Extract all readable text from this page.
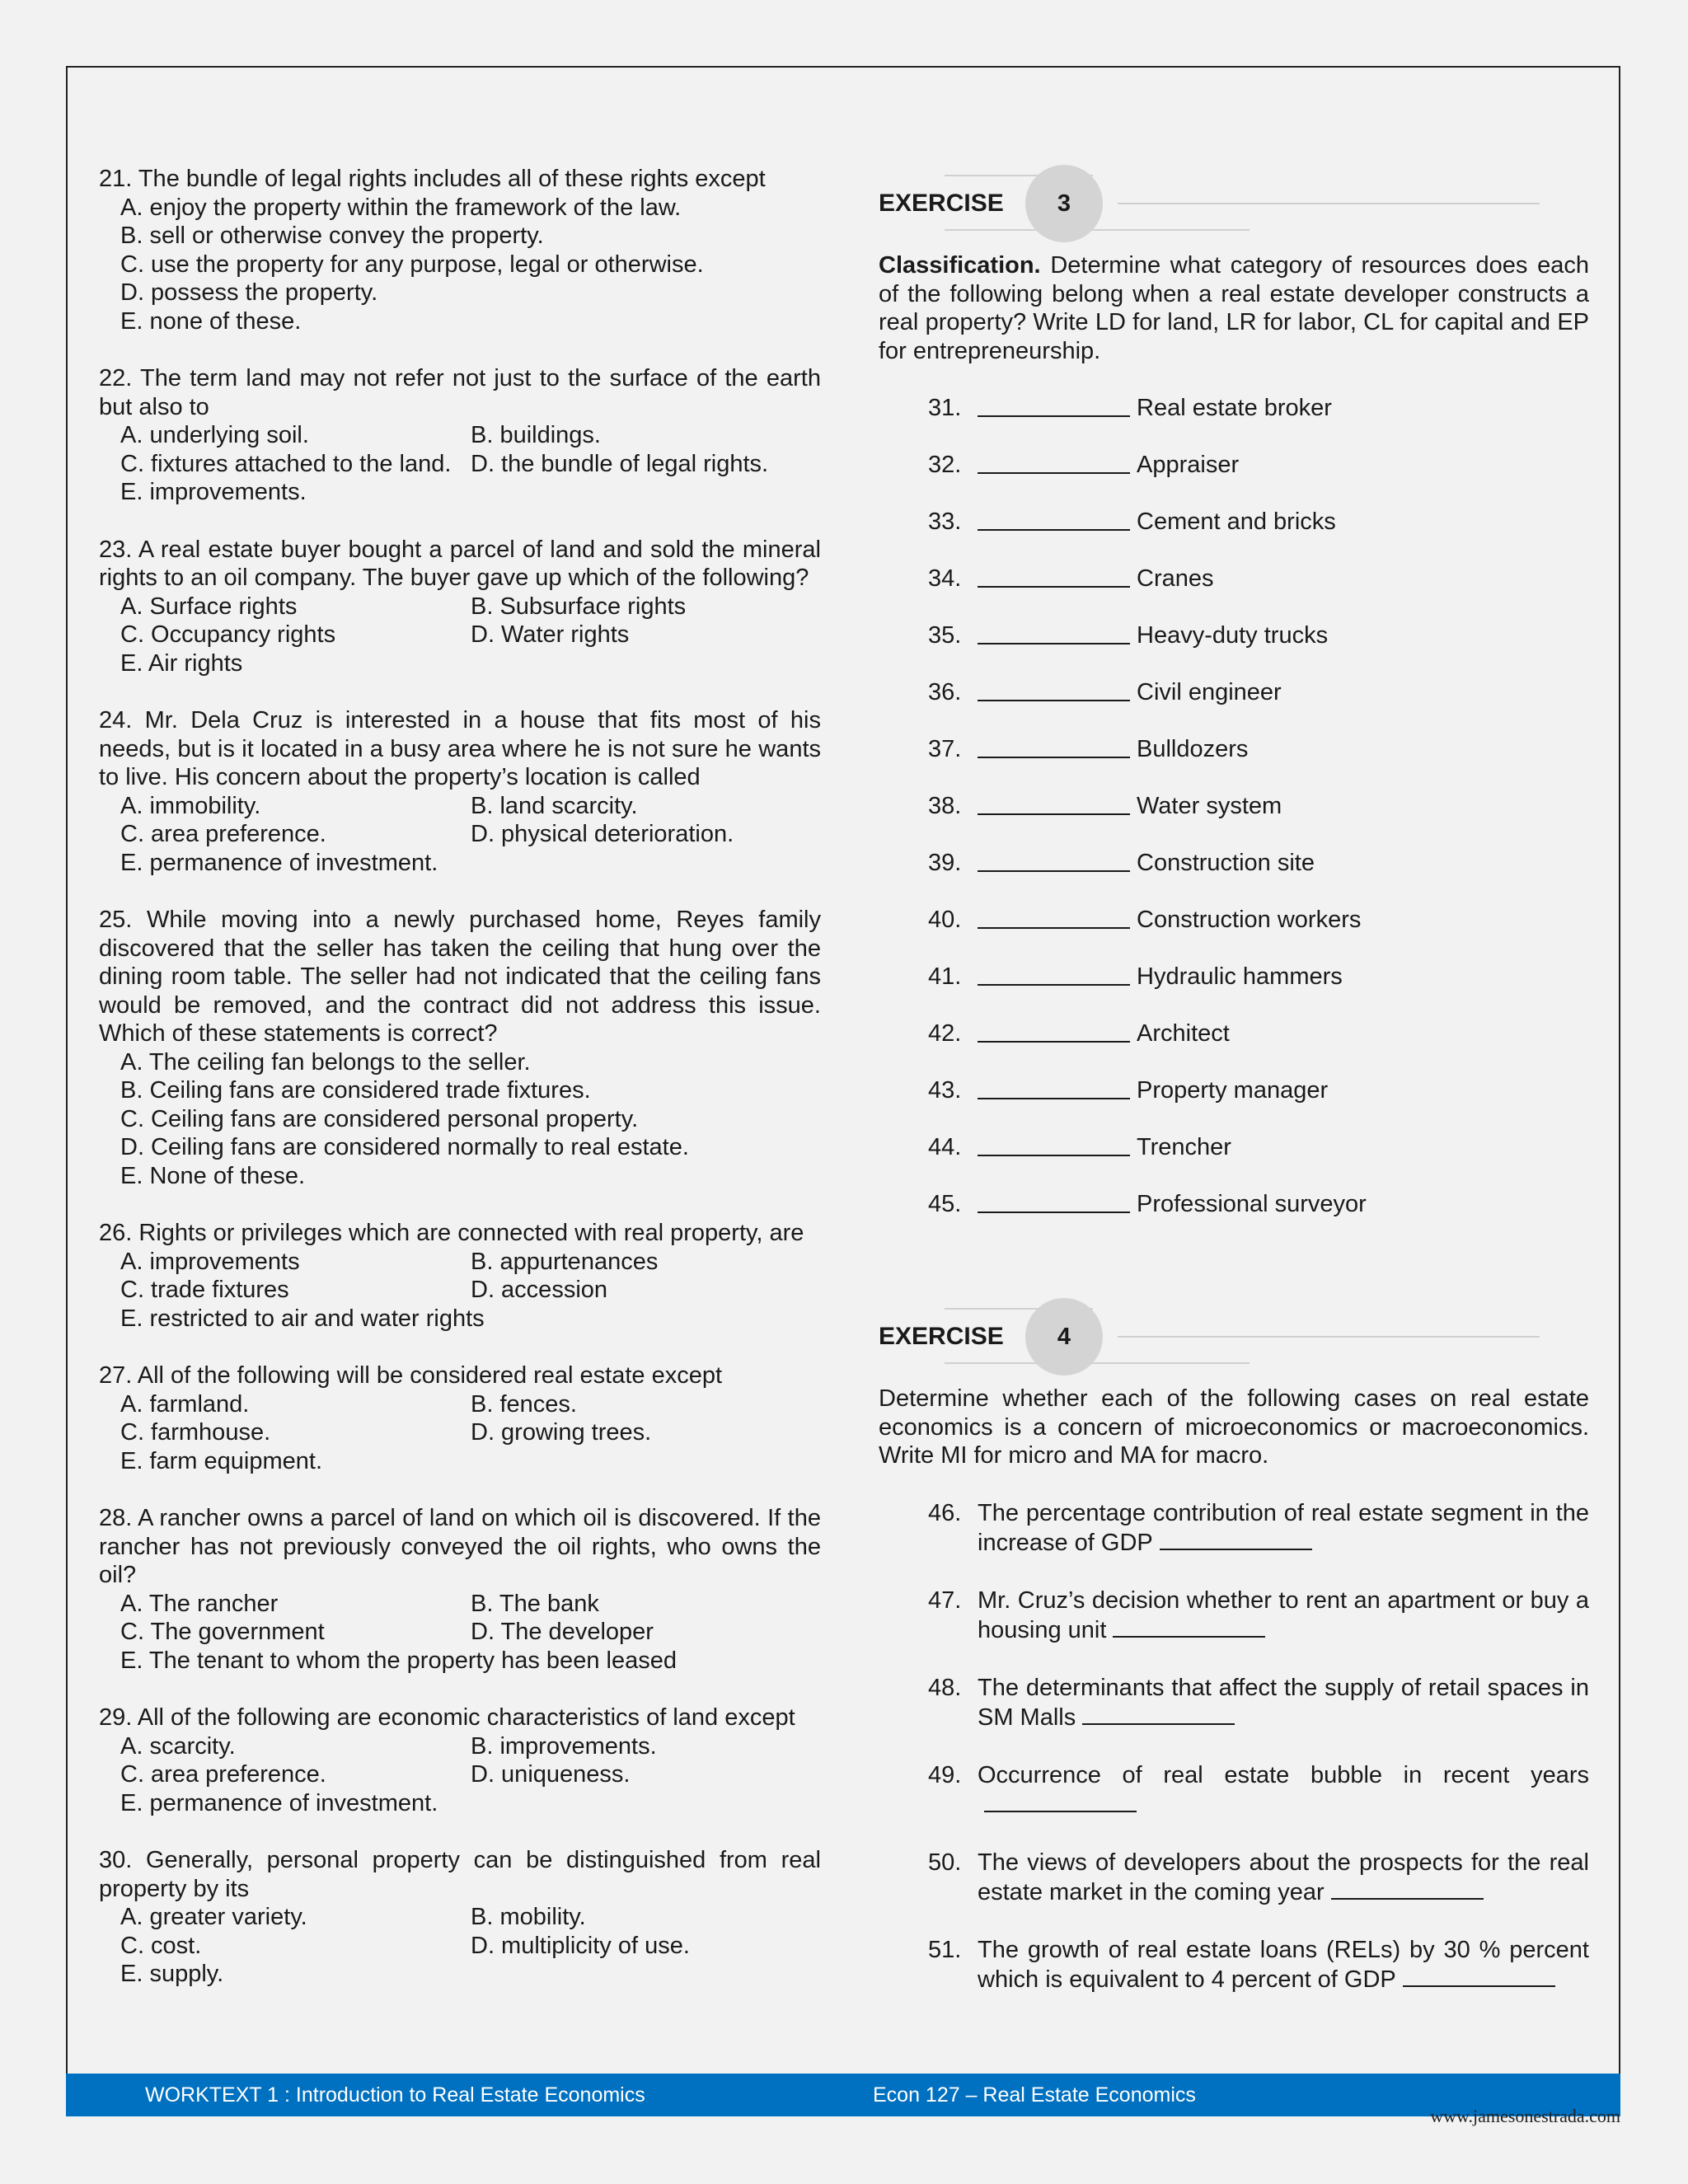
21. The bundle of legal rights includes all of these rights except
A. enjoy the property within the framework of the law.
B. sell or otherwise convey the property.
C. use the property for any purpose, legal or otherwise.
D. possess the property.
E. none of these.
22. The term land may not refer not just to the surface of the earth but also to
A. underlying soil.	B. buildings.
C. fixtures attached to the land. D. the bundle of legal rights.
E. improvements.
23. A real estate buyer bought a parcel of land and sold the mineral rights to an oil company. The buyer gave up which of the following?
A. Surface rights	B. Subsurface rights
C. Occupancy rights	D. Water rights
E. Air rights
24. Mr. Dela Cruz is interested in a house that fits most of his needs, but is it located in a busy area where he is not sure he wants to live. His concern about the property’s location is called
A. immobility.	B. land scarcity.
C. area preference.	D. physical deterioration.
E. permanence of investment.
25. While moving into a newly purchased home, Reyes family discovered that the seller has taken the ceiling that hung over the dining room table. The seller had not indicated that the ceiling fans would be removed, and the contract did not address this issue. Which of these statements is correct?
A. The ceiling fan belongs to the seller.
B. Ceiling fans are considered trade fixtures.
C. Ceiling fans are considered personal property.
D. Ceiling fans are considered normally to real estate.
E. None of these.
26. Rights or privileges which are connected with real property, are
A. improvements	B. appurtenances
C. trade fixtures	D. accession
E. restricted to air and water rights
27. All of the following will be considered real estate except
A. farmland.	B. fences.
C. farmhouse.	D. growing trees.
E. farm equipment.
28. A rancher owns a parcel of land on which oil is discovered. If the rancher has not previously conveyed the oil rights, who owns the oil?
A. The rancher	B. The bank
C. The government	D. The developer
E. The tenant to whom the property has been leased
29. All of the following are economic characteristics of land except
A. scarcity.	B. improvements.
C. area preference.	D. uniqueness.
E. permanence of investment.
30. Generally, personal property can be distinguished from real property by its
A. greater variety.	B. mobility.
C. cost.	D. multiplicity of use.
E. supply.
EXERCISE	3
Classification. Determine what category of resources does each of the following belong when a real estate developer constructs a real property? Write LD for land, LR for labor, CL for capital and EP for entrepreneurship.
31.	Real estate broker
32.	Appraiser
33.	Cement and bricks
34.	Cranes
35.	Heavy-duty trucks
36.	Civil engineer
37.	Bulldozers
38.	Water system
39.	Construction site
40.	Construction workers
41.	Hydraulic hammers
42.	Architect
43.	Property manager
44.	Trencher
45.	Professional surveyor
EXERCISE	4
Determine whether each of the following cases on real estate economics is a concern of microeconomics or macroeconomics. Write MI for micro and MA for macro.
46. The percentage contribution of real estate segment in the increase of GDP
47. Mr. Cruz’s decision whether to rent an apartment or buy a housing unit
48. The determinants that affect the supply of retail spaces in SM Malls
49. Occurrence of real estate bubble in recent years
50. The views of developers about the prospects for the real estate market in the coming year
51. The growth of real estate loans (RELs) by 30 % percent which is equivalent to 4 percent of GDP
WORKTEXT 1 : Introduction to Real Estate Economics	Econ 127 – Real Estate Economics
www.jamesonestrada.com
